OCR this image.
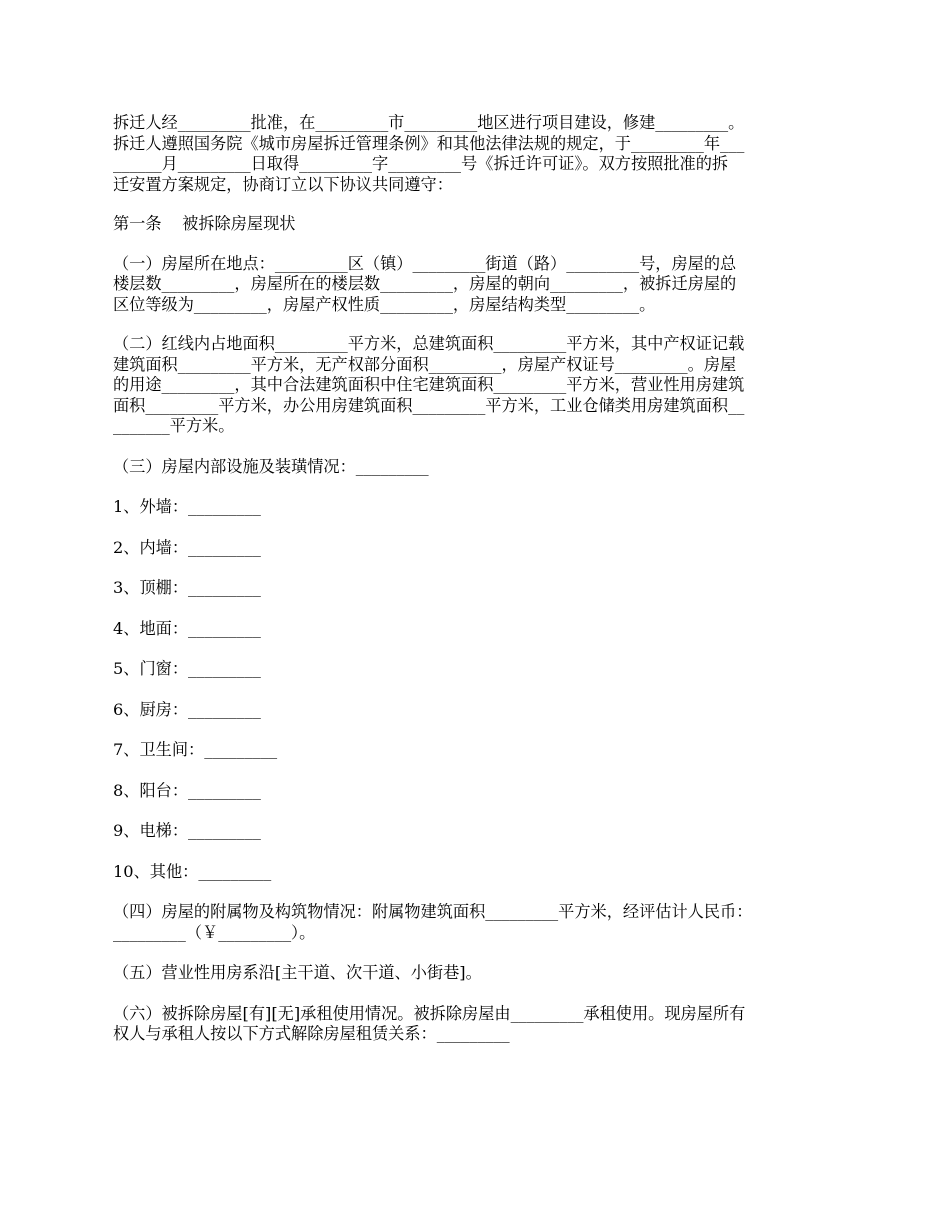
拆迁人经_________批准，在_________市_________地区进行项目建设，修建_________。
拆迁人遵照国务院《城市房屋拆迁管理条例》和其他法律法规的规定，于_________年___
______月_________日取得_________字_________号《拆迁许可证》。双方按照批准的拆
迁安置方案规定，协商订立以下协议共同遵守：
第一条    被拆除房屋现状
（一）房屋所在地点：_________区（镇）_________街道（路）_________号，房屋的总
楼层数_________，房屋所在的楼层数_________，房屋的朝向_________，被拆迁房屋的
区位等级为_________，房屋产权性质_________，房屋结构类型_________。
（二）红线内占地面积_________平方米，总建筑面积_________平方米，其中产权证记载
建筑面积_________平方米，无产权部分面积_________，房屋产权证号_________。房屋
的用途_________，其中合法建筑面积中住宅建筑面积_________平方米，营业性用房建筑
面积_________平方米，办公用房建筑面积_________平方米，工业仓储类用房建筑面积__
_______平方米。
（三）房屋内部设施及装璜情况：_________
1、外墙：_________
2、内墙：_________
3、顶棚：_________
4、地面：_________
5、门窗：_________
6、厨房：_________
7、卫生间：_________
8、阳台：_________
9、电梯：_________
10、其他：_________
（四）房屋的附属物及构筑物情况：附属物建筑面积_________平方米，经评估计人民币：
_________（￥_________）。
（五）营业性用房系沿[主干道、次干道、小街巷]。
（六）被拆除房屋[有][无]承租使用情况。被拆除房屋由_________承租使用。现房屋所有
权人与承租人按以下方式解除房屋租赁关系：_________
